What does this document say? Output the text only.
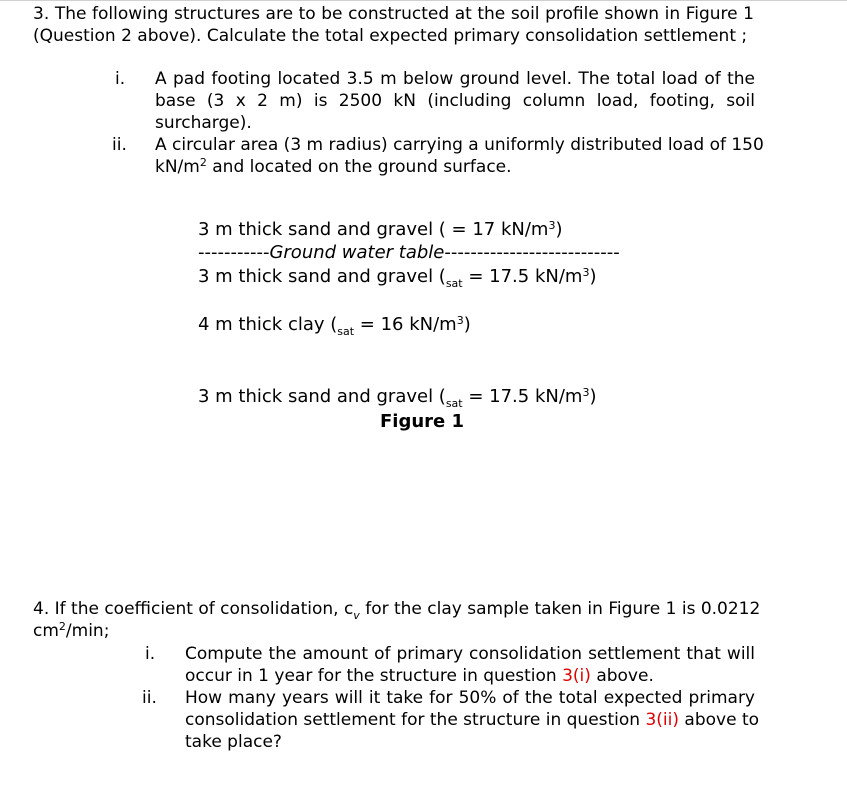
3. The following structures are to be constructed at the soil profile shown in Figure 1
(Question 2 above). Calculate the total expected primary consolidation settlement ;
i. A pad footing located 3.5 m below ground level. The total load of the
base (3 x 2 m) is 2500 kN (including column load, footing, soil
surcharge).
ii. A circular area (3 m radius) carrying a uniformly distributed load of 150
$kN/m^2$ and located on the ground surface.
3 m thick sand and gravel ( = 17 $kN/m^3$)
-----------Ground water table---------------------------
3 m thick sand and gravel ($_{sat} = 17.5$ $kN/m^3$)
4 m thick clay ($_{sat} = 16$ $kN/m^3$)
3 m thick sand and gravel ($_{sat} = 17.5$ $kN/m^3$)
Figure 1
4. If the coefficient of consolidation, $c_v$ for the clay sample taken in Figure 1 is 0.0212
$cm^2/\min$;
i. Compute the amount of primary consolidation settlement that will
occur in 1 year for the structure in question 3(i) above.
ii. How many years will it take for 50% of the total expected primary
consolidation settlement for the structure in question 3(ii) above to
take place?
